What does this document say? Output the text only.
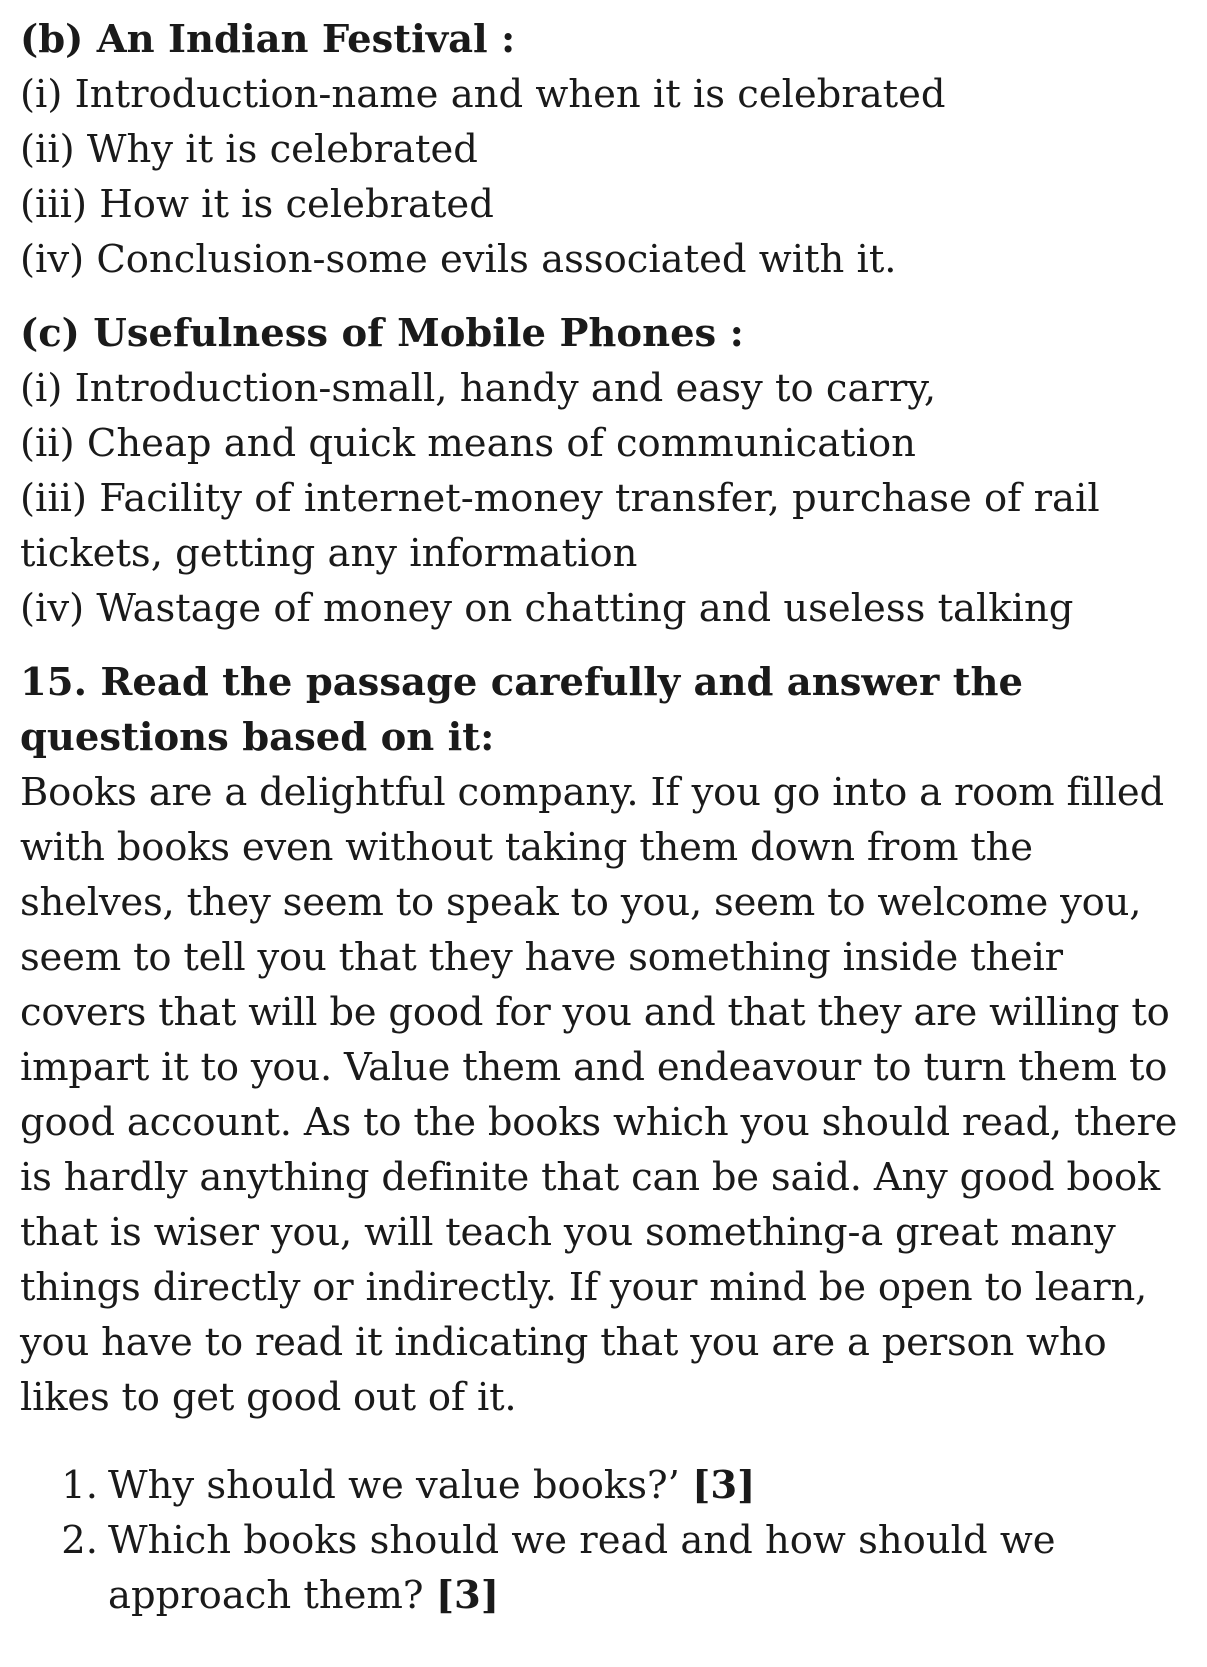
(b) An Indian Festival :

(i) Introduction-name and when it is celebrated

(ii) Why it is celebrated

(iii) How it is celebrated

(iv) Conclusion-some evils associated with it.

(c) Usefulness of Mobile Phones :

(i) Introduction-small, handy and easy to carry,

(ii) Cheap and quick means of communication

(iii) Facility of internet-money transfer, purchase of rail tickets, getting any information

(iv) Wastage of money on chatting and useless talking

15. Read the passage carefully and answer the questions based on it:

Books are a delightful company. If you go into a room filled with books even without taking them down from the shelves, they seem to speak to you, seem to welcome you, seem to tell you that they have something inside their covers that will be good for you and that they are willing to impart it to you. Value them and endeavour to turn them to good account. As to the books which you should read, there is hardly anything definite that can be said. Any good book that is wiser you, will teach you something-a great many things directly or indirectly. If your mind be open to learn, you have to read it indicating that you are a person who likes to get good out of it.

1. Why should we value books?’ [3]
2. Which books should we read and how should we approach them? [3]
